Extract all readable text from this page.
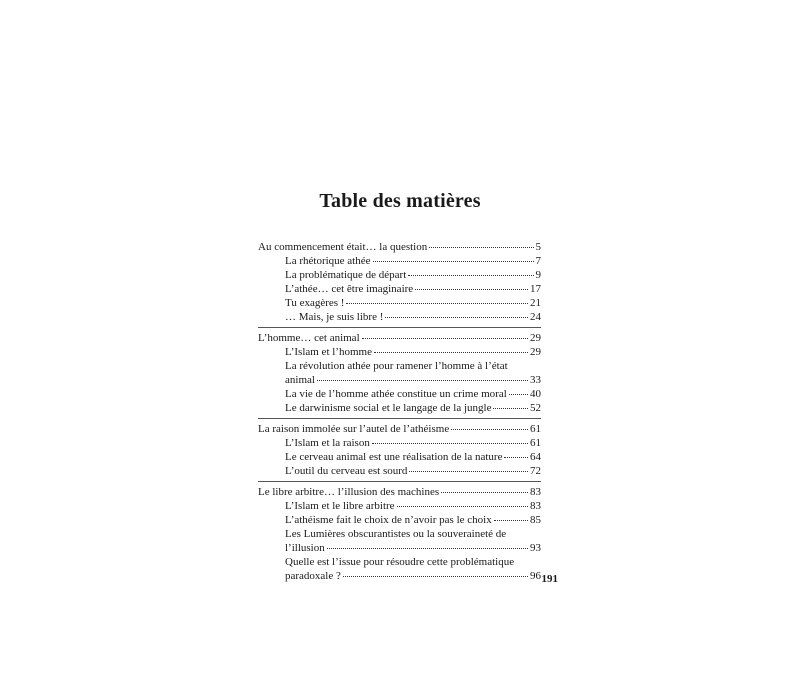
Table des matières
Au commencement était… la question	5
La rhétorique athée	7
La problématique de départ	9
L’athée… cet être imaginaire	17
Tu exagères !	21
… Mais, je suis libre !	24
L’homme… cet animal	29
L’Islam et l’homme	29
La révolution athée pour ramener l’homme à l’état
animal	33
La vie de l’homme athée constitue un crime moral 40
Le darwinisme social et le langage de la jungle	52
La raison immolée sur l’autel de l’athéisme	61
L’Islam et la raison	61
Le cerveau animal est une réalisation de la nature	64
L’outil du cerveau est sourd	72
Le libre arbitre… l’illusion des machines	83
L’Islam et le libre arbitre	83
L’athéisme fait le choix de n’avoir pas le choix	85
Les Lumières obscurantistes ou la souveraineté de
l’illusion	93
Quelle est l’issue pour résoudre cette problématique
paradoxale ?	96 191
